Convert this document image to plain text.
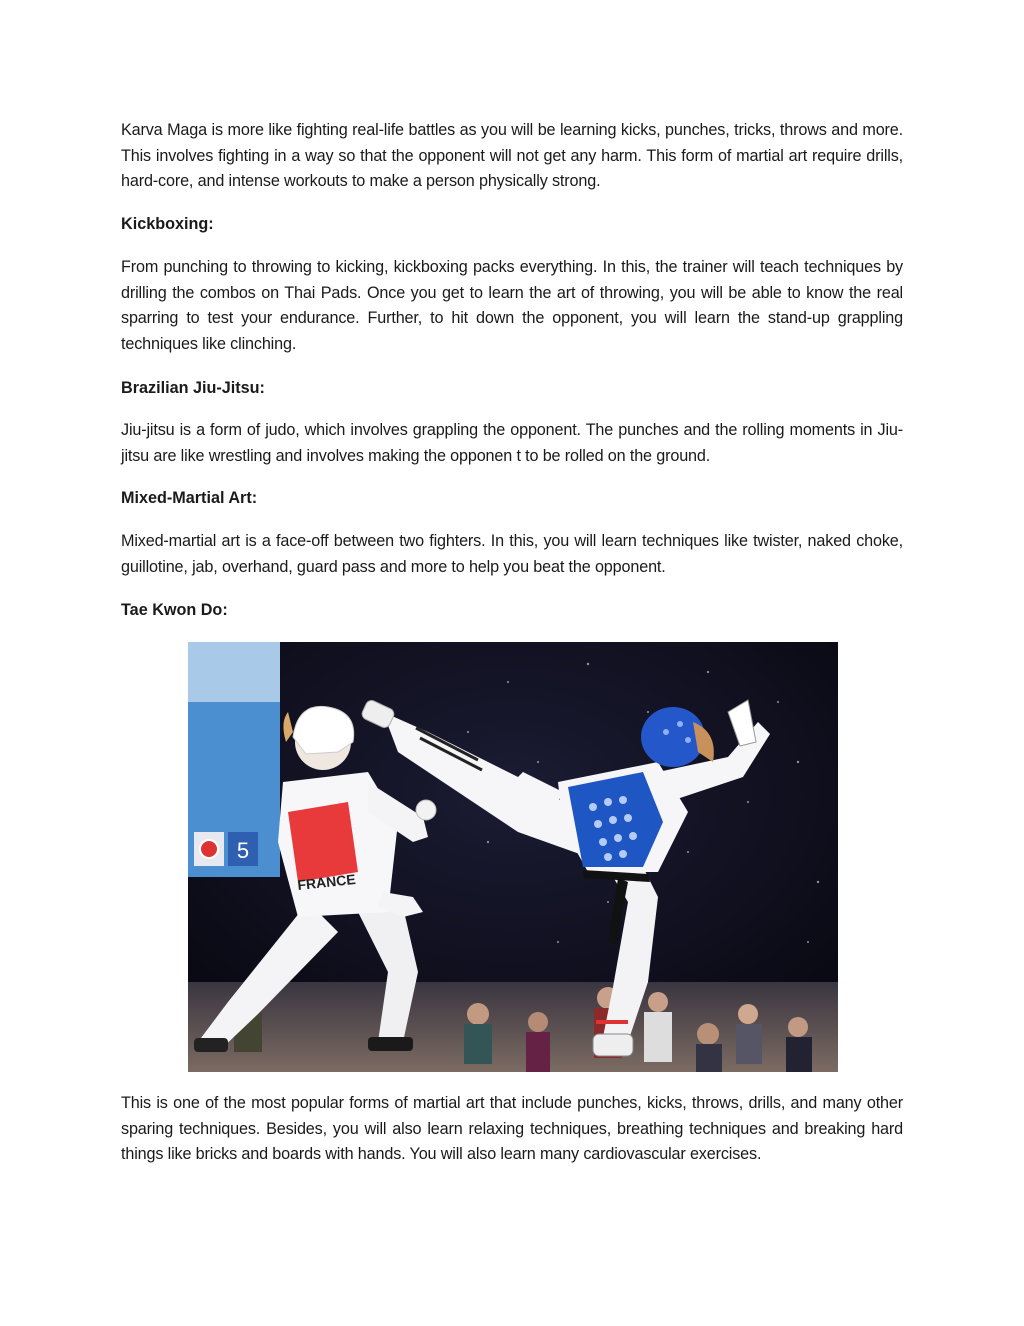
Karva Maga is more like fighting real-life battles as you will be learning kicks, punches, tricks, throws and more. This involves fighting in a way so that the opponent will not get any harm. This form of martial art require drills, hard-core, and intense workouts to make a person physically strong.

Kickboxing:

From punching to throwing to kicking, kickboxing packs everything. In this, the trainer will teach techniques by drilling the combos on Thai Pads. Once you get to learn the art of throwing, you will be able to know the real sparring to test your endurance. Further, to hit down the opponent, you will learn the stand-up grappling techniques like clinching.

Brazilian Jiu-Jitsu:

Jiu-jitsu is a form of judo, which involves grappling the opponent. The punches and the rolling moments in Jiu-jitsu are like wrestling and involves making the opponen t to be rolled on the ground.

Mixed-Martial Art:

Mixed-martial art is a face-off between two fighters. In this, you will learn techniques like twister, naked choke, guillotine, jab, overhand, guard pass and more to help you beat the opponent.

Tae Kwon Do:

This is one of the most popular forms of martial art that include punches, kicks, throws, drills, and many other sparing techniques. Besides, you will also learn relaxing techniques, breathing techniques and breaking hard things like bricks and boards with hands. You will also learn many cardiovascular exercises.

5
FRANCE
